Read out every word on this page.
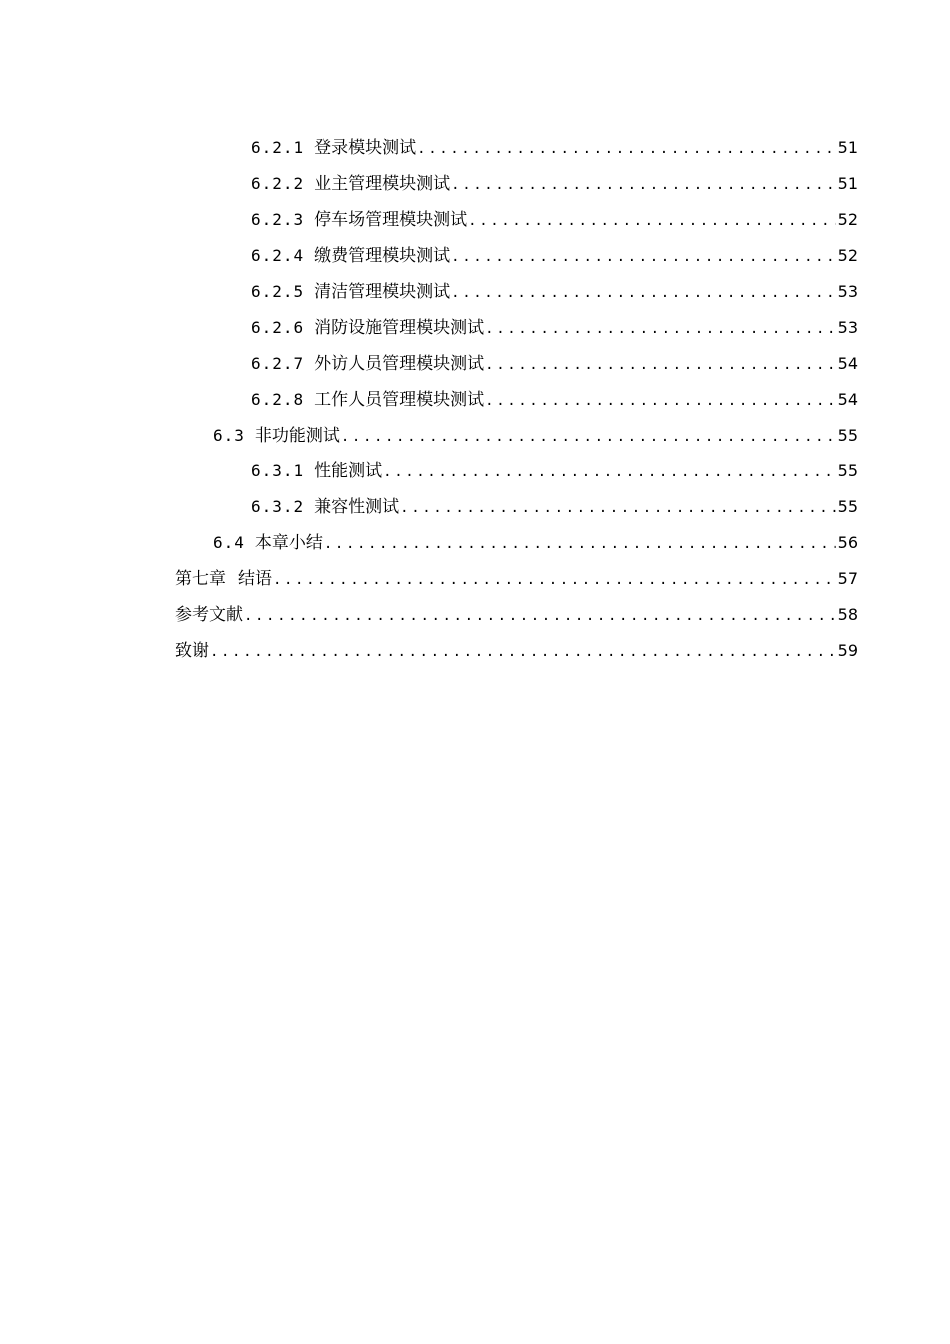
6.2.1 登录模块测试 .....	51
6.2.2 业主管理模块测试 .....	51
6.2.3 停车场管理模块测试 .....	52
6.2.4 缴费管理模块测试 .....	52
6.2.5 清洁管理模块测试 .....	53
6.2.6 消防设施管理模块测试 .....	53
6.2.7 外访人员管理模块测试 .....	54
6.2.8 工作人员管理模块测试 .....	54
6.3 非功能测试 .....	55
6.3.1 性能测试 .....	55
6.3.2 兼容性测试 .....	55
6.4 本章小结 .....	56
第七章 结语 .....	57
参考文献 .....	58
致谢 .....	59
